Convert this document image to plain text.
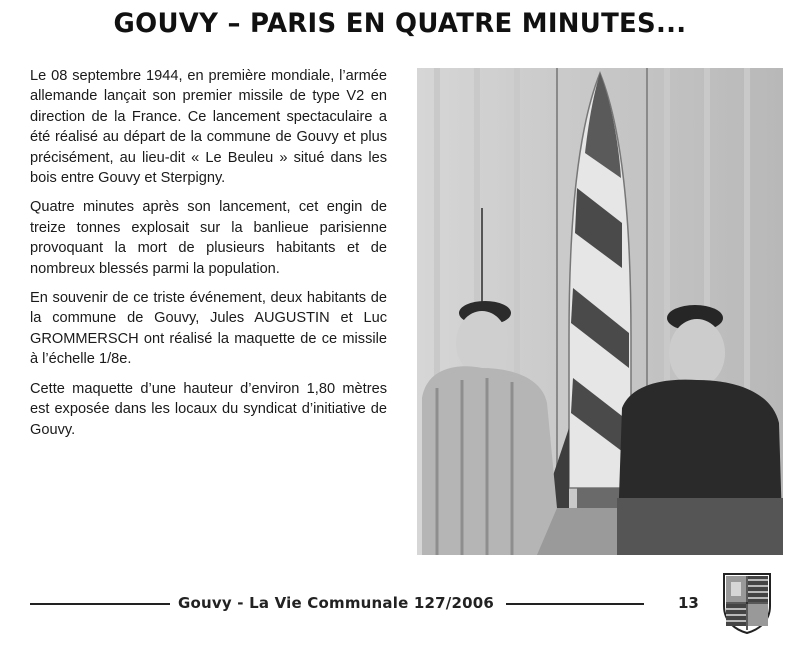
GOUVY – PARIS EN QUATRE MINUTES...

Le 08 septembre 1944, en première mondiale, l’armée allemande lançait son premier missile de type V2 en direction de la France. Ce lancement spectaculaire a été réalisé au départ de la commune de Gouvy et plus précisément, au lieu-dit « Le Beuleu » situé dans les bois entre Gouvy et Sterpigny.

Quatre minutes après son lancement, cet engin de treize tonnes explosait sur la banlieue parisienne provoquant la mort de plusieurs habitants et de nombreux blessés parmi la population.

En souvenir de ce triste événement, deux habitants de la commune de Gouvy, Jules AUGUSTIN et Luc GROMMERSCH ont réalisé la maquette de ce missile à l’échelle 1/8e.

Cette maquette d’une hauteur d’environ 1,80 mètres est exposée dans les locaux du syndicat d’initiative de Gouvy.

Gouvy - La Vie Communale 127/2006	13
